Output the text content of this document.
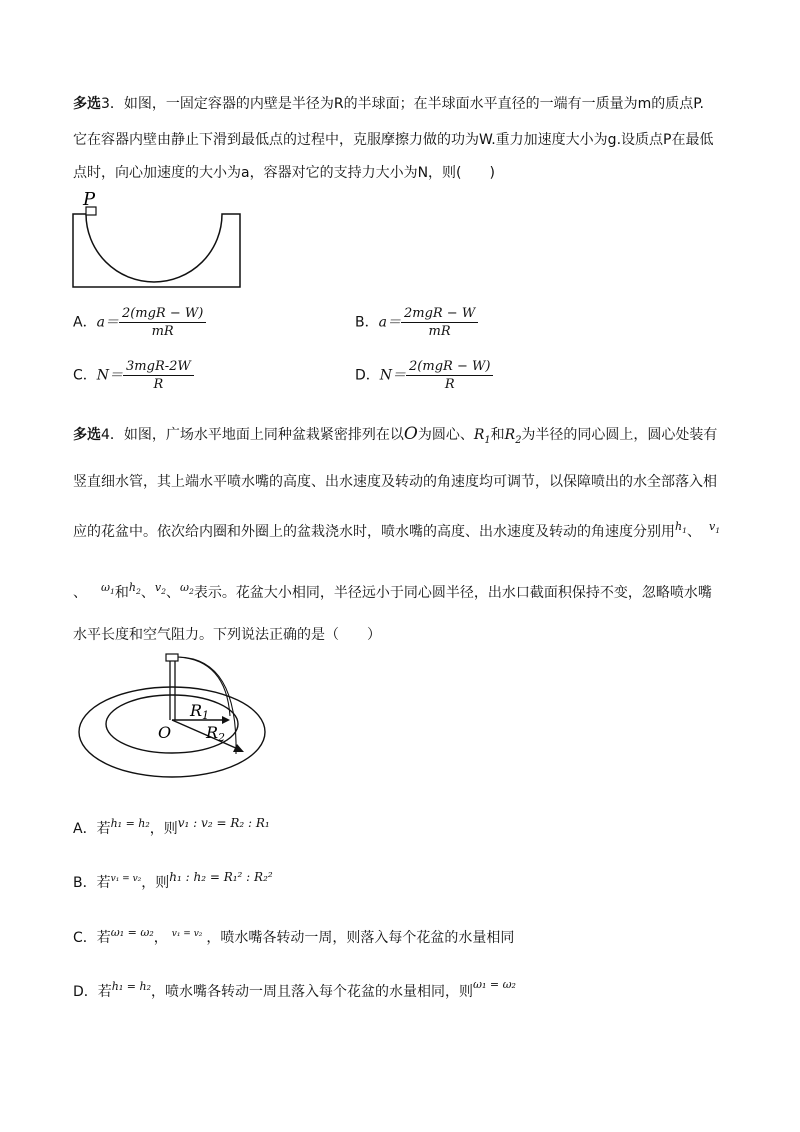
多选3．如图，一固定容器的内壁是半径为R的半球面；在半球面水平直径的一端有一质量为m的质点P.
它在容器内壁由静止下滑到最低点的过程中，克服摩擦力做的功为W.重力加速度大小为g.设质点P在最低
点时，向心加速度的大小为a，容器对它的支持力大小为N，则(　　)
P
A．$a= \frac{\text{2(mgR − W)}}{mR}$	B．$a= \frac{\text{2mgR − W}}{mR}$
C．$N= \frac{\text{3mgR-2W}}{R}$	D．$N= \frac{\text{2(mgR − W)}}{R}$
多选4．如图，广场水平地面上同种盆栽紧密排列在以O为圆心、$R_1$和$R_2$为半径的同心圆上，圆心处装有
竖直细水管，其上端水平喷水嘴的高度、出水速度及转动的角速度均可调节，以保障喷出的水全部落入相
应的花盆中。依次给内圈和外圈上的盆栽浇水时，喷水嘴的高度、出水速度及转动的角速度分别用$h_1$、 $v_1$
、 $\omega_1$和$h_2$、$v_2$、$\omega_2$表示。花盆大小相同，半径远小于同心圆半径，出水口截面积保持不变，忽略喷水嘴
水平长度和空气阻力。下列说法正确的是（　　）
R1
O R2
A．若h₁ = h₂，则v₁ : v₂ = R₂ : R₁
B．若v₁ = v₂，则h₁ : h₂ = R₁² : R₂²
C．若ω₁ = ω₂， v₁ = v₂ ，喷水嘴各转动一周，则落入每个花盆的水量相同
D．若h₁ = h₂，喷水嘴各转动一周且落入每个花盆的水量相同，则ω₁ = ω₂
